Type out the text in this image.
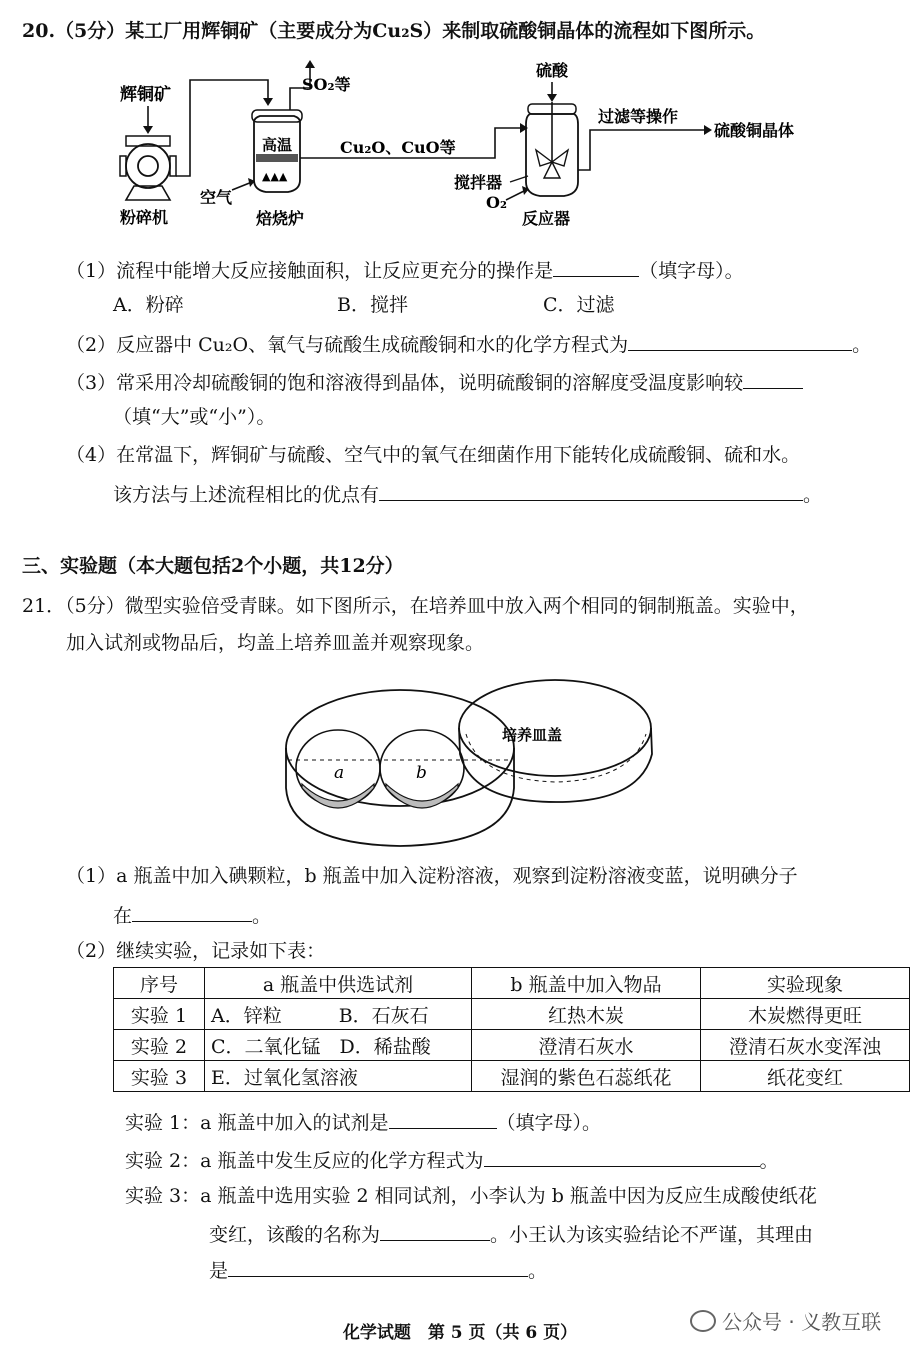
20.（5分）某工厂用辉铜矿（主要成分为Cu₂S）来制取硫酸铜晶体的流程如下图所示。
辉铜矿
粉碎机
高温
▲▲▲
SO₂等
空气
焙烧炉
Cu₂O、CuO等
硫酸
搅拌器
O₂
反应器
过滤等操作
硫酸铜晶体
（1）流程中能增大反应接触面积，让反应更充分的操作是	（填字母）。
A．粉碎	B．搅拌	C．过滤
（2）反应器中 Cu₂O、氧气与硫酸生成硫酸铜和水的化学方程式为	。
（3）常采用冷却硫酸铜的饱和溶液得到晶体，说明硫酸铜的溶解度受温度影响较
（填“大”或“小”）。
（4）在常温下，辉铜矿与硫酸、空气中的氧气在细菌作用下能转化成硫酸铜、硫和水。
该方法与上述流程相比的优点有	。
三、实验题（本大题包括2个小题，共12分）
21．（5分）微型实验倍受青睐。如下图所示，在培养皿中放入两个相同的铜制瓶盖。实验中，
加入试剂或物品后，均盖上培养皿盖并观察现象。
a	b
培养皿盖
（1）a 瓶盖中加入碘颗粒，b 瓶盖中加入淀粉溶液，观察到淀粉溶液变蓝，说明碘分子
在	。
（2）继续实验，记录如下表：
序号	a 瓶盖中供选试剂	b 瓶盖中加入物品	实验现象
实验 1	A．锌粒　　　B．石灰石	红热木炭	木炭燃得更旺
实验 2	C．二氧化锰　D．稀盐酸	澄清石灰水	澄清石灰水变浑浊
实验 3	E．过氧化氢溶液	湿润的紫色石蕊纸花	纸花变红
实验 1：a 瓶盖中加入的试剂是	（填字母）。
实验 2：a 瓶盖中发生反应的化学方程式为	。
实验 3：a 瓶盖中选用实验 2 相同试剂，小李认为 b 瓶盖中因为反应生成酸使纸花
变红，该酸的名称为	。小王认为该实验结论不严谨，其理由
是	。
公众号 · 义教互联
化学试题　第 5 页（共 6 页）
